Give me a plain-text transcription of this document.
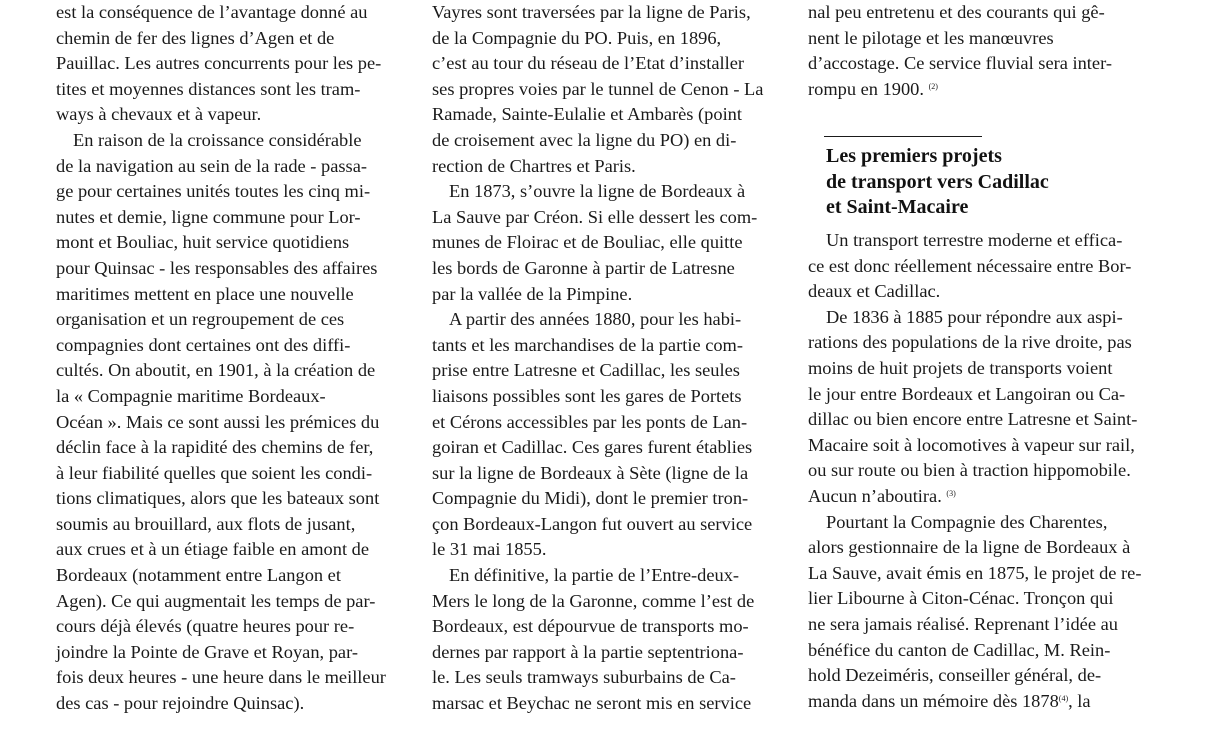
est la conséquence de l’avantage donné au
chemin de fer des lignes d’Agen et de
Pauillac. Les autres concurrents pour les pe-
tites et moyennes distances sont les tram-
ways à chevaux et à vapeur.
En raison de la croissance considérable
de la navigation au sein de la rade - passa-
ge pour certaines unités toutes les cinq mi-
nutes et demie, ligne commune pour Lor-
mont et Bouliac, huit service quotidiens
pour Quinsac - les responsables des affaires
maritimes mettent en place une nouvelle
organisation et un regroupement de ces
compagnies dont certaines ont des diffi-
cultés. On aboutit, en 1901, à la création de
la « Compagnie maritime Bordeaux-
Océan ». Mais ce sont aussi les prémices du
déclin face à la rapidité des chemins de fer,
à leur fiabilité quelles que soient les condi-
tions climatiques, alors que les bateaux sont
soumis au brouillard, aux flots de jusant,
aux crues et à un étiage faible en amont de
Bordeaux (notamment entre Langon et
Agen). Ce qui augmentait les temps de par-
cours déjà élevés (quatre heures pour re-
joindre la Pointe de Grave et Royan, par-
fois deux heures - une heure dans le meilleur
des cas - pour rejoindre Quinsac).
Vayres sont traversées par la ligne de Paris,
de la Compagnie du PO. Puis, en 1896,
c’est au tour du réseau de l’Etat d’installer
ses propres voies par le tunnel de Cenon - La
Ramade, Sainte-Eulalie et Ambarès (point
de croisement avec la ligne du PO) en di-
rection de Chartres et Paris.
En 1873, s’ouvre la ligne de Bordeaux à
La Sauve par Créon. Si elle dessert les com-
munes de Floirac et de Bouliac, elle quitte
les bords de Garonne à partir de Latresne
par la vallée de la Pimpine.
A partir des années 1880, pour les habi-
tants et les marchandises de la partie com-
prise entre Latresne et Cadillac, les seules
liaisons possibles sont les gares de Portets
et Cérons accessibles par les ponts de Lan-
goiran et Cadillac. Ces gares furent établies
sur la ligne de Bordeaux à Sète (ligne de la
Compagnie du Midi), dont le premier tron-
çon Bordeaux-Langon fut ouvert au service
le 31 mai 1855.
En définitive, la partie de l’Entre-deux-
Mers le long de la Garonne, comme l’est de
Bordeaux, est dépourvue de transports mo-
dernes par rapport à la partie septentriona-
le. Les seuls tramways suburbains de Ca-
marsac et Beychac ne seront mis en service
nal peu entretenu et des courants qui gê-
nent le pilotage et les manœuvres
d’accostage. Ce service fluvial sera inter-
rompu en 1900. $^{(2)}$
Les premiers projets
de transport vers Cadillac
et Saint-Macaire
Un transport terrestre moderne et effica-
ce est donc réellement nécessaire entre Bor-
deaux et Cadillac.
De 1836 à 1885 pour répondre aux aspi-
rations des populations de la rive droite, pas
moins de huit projets de transports voient
le jour entre Bordeaux et Langoiran ou Ca-
dillac ou bien encore entre Latresne et Saint-
Macaire soit à locomotives à vapeur sur rail,
ou sur route ou bien à traction hippomobile.
Aucun n’aboutira. $^{(3)}$
Pourtant la Compagnie des Charentes,
alors gestionnaire de la ligne de Bordeaux à
La Sauve, avait émis en 1875, le projet de re-
lier Libourne à Citon-Cénac. Tronçon qui
ne sera jamais réalisé. Reprenant l’idée au
bénéfice du canton de Cadillac, M. Rein-
hold Dezeiméris, conseiller général, de-
manda dans un mémoire dès 1878$^{(4)}$, la
